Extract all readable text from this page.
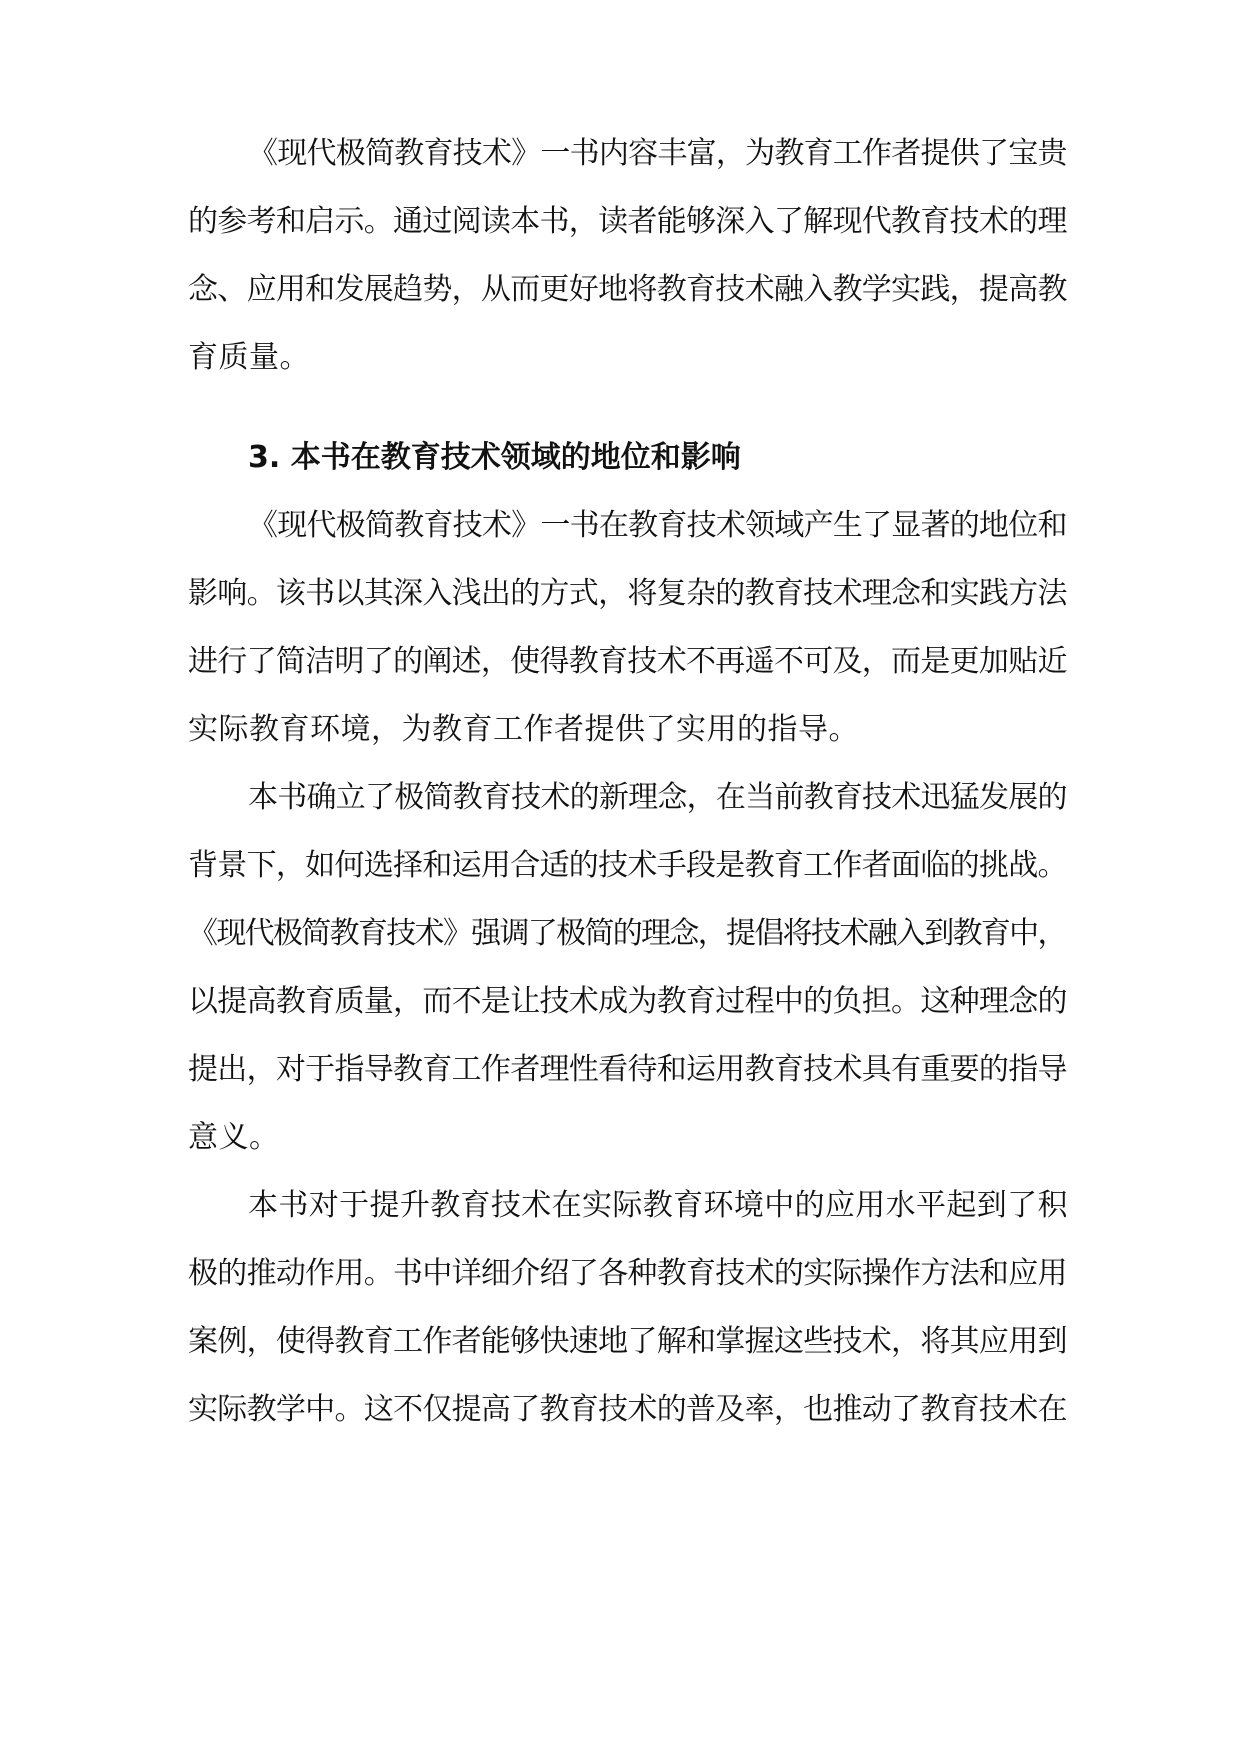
《现代极简教育技术》一书内容丰富，为教育工作者提供了宝贵
的参考和启示。通过阅读本书，读者能够深入了解现代教育技术的理
念、应用和发展趋势，从而更好地将教育技术融入教学实践，提高教
育质量。
3. 本书在教育技术领域的地位和影响
《现代极简教育技术》一书在教育技术领域产生了显著的地位和
影响。该书以其深入浅出的方式，将复杂的教育技术理念和实践方法
进行了简洁明了的阐述，使得教育技术不再遥不可及，而是更加贴近
实际教育环境，为教育工作者提供了实用的指导。
本书确立了极简教育技术的新理念，在当前教育技术迅猛发展的
背景下，如何选择和运用合适的技术手段是教育工作者面临的挑战。
《现代极简教育技术》强调了极简的理念，提倡将技术融入到教育中，
以提高教育质量，而不是让技术成为教育过程中的负担。这种理念的
提出，对于指导教育工作者理性看待和运用教育技术具有重要的指导
意义。
本书对于提升教育技术在实际教育环境中的应用水平起到了积
极的推动作用。书中详细介绍了各种教育技术的实际操作方法和应用
案例，使得教育工作者能够快速地了解和掌握这些技术，将其应用到
实际教学中。这不仅提高了教育技术的普及率，也推动了教育技术在
